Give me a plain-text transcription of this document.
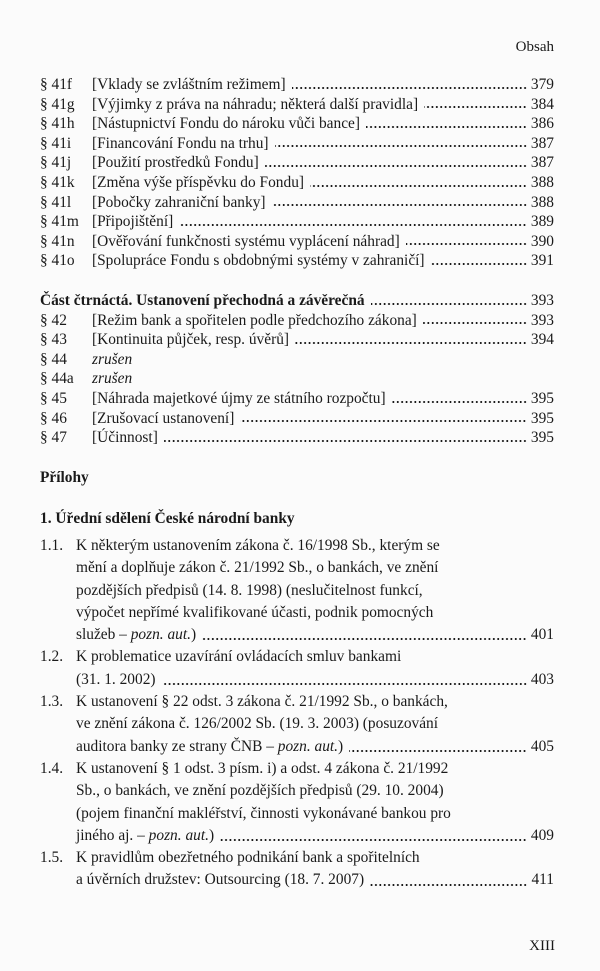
Obsah
§ 41f	[Vklady se zvláštním režimem]	379
§ 41g	[Výjimky z práva na náhradu; některá další pravidla]	384
§ 41h	[Nástupnictví Fondu do nároku vůči bance]	386
§ 41i	[Financování Fondu na trhu]	387
§ 41j	[Použití prostředků Fondu]	387
§ 41k	[Změna výše příspěvku do Fondu]	388
§ 41l	[Pobočky zahraniční banky]	388
§ 41m [Připojištění]	389
§ 41n	[Ověřování funkčnosti systému vyplácení náhrad]	390
§ 41o	[Spolupráce Fondu s obdobnými systémy v zahraničí]	391
Část čtrnáctá. Ustanovení přechodná a závěrečná	393
§ 42	[Režim bank a spořitelen podle předchozího zákona]	393
§ 43	[Kontinuita půjček, resp. úvěrů]	394
§ 44	zrušen
§ 44a	zrušen
§ 45	[Náhrada majetkové újmy ze státního rozpočtu]	395
§ 46	[Zrušovací ustanovení]	395
§ 47	[Účinnost]	395
Přílohy
1. Úřední sdělení České národní banky
1.1. K některým ustanovením zákona č. 16/1998 Sb., kterým se
mění a doplňuje zákon č. 21/1992 Sb., o bankách, ve znění
pozdějších předpisů (14. 8. 1998) (neslučitelnost funkcí,
výpočet nepřímé kvalifikované účasti, podnik pomocných
služeb – pozn. aut. )	401
1.2. K problematice uzavírání ovládacích smluv bankami
(31. 1. 2002)	403
1.3. K ustanovení § 22 odst. 3 zákona č. 21/1992 Sb., o bankách,
ve znění zákona č. 126/2002 Sb. (19. 3. 2003) (posuzování
auditora banky ze strany ČNB – pozn. aut. )	405
1.4. K ustanovení § 1 odst. 3 písm. i) a odst. 4 zákona č. 21/1992
Sb., o bankách, ve znění pozdějších předpisů (29. 10. 2004)
(pojem finanční makléřství, činnosti vykonávané bankou pro
jiného aj. – pozn. aut. )	409
1.5. K pravidlům obezřetného podnikání bank a spořitelních
a úvěrních družstev: Outsourcing (18. 7. 2007)	411
XIII
